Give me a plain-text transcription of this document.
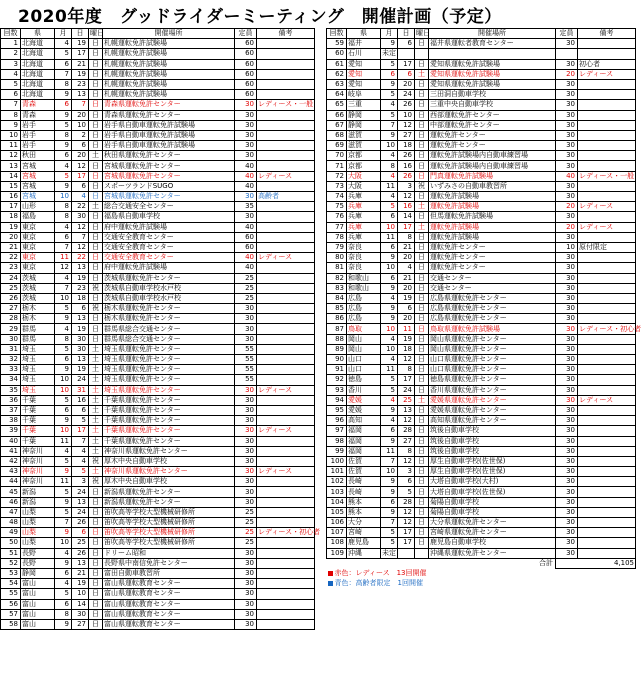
2020年度　グッドライダーミーティング　開催計画（予定）
回数	県	月	日	曜日	開催場所	定員	備考
1	北海道	4	19	日	札幌運転免許試験場	60	
2	北海道	5	17	日	札幌運転免許試験場	60	
3	北海道	6	21	日	札幌運転免許試験場	60	
4	北海道	7	19	日	札幌運転免許試験場	60	
5	北海道	8	23	日	札幌運転免許試験場	60	
6	北海道	9	13	日	札幌運転免許試験場	60	
7	青森	6	7	日	青森県運転免許センター	30	レディース・一般
8	青森	9	20	日	青森県運転免許センター	30	
9	岩手	5	10	日	岩手県自動車運転免許試験場	30	
10	岩手	8	2	日	岩手県自動車運転免許試験場	30	
11	岩手	9	6	日	岩手県自動車運転免許試験場	30	
12	秋田	6	20	土	秋田県運転免許センター	30	
13	宮城	4	12	日	宮城県運転免許センター	40	
14	宮城	5	17	日	宮城県運転免許センター	40	レディース
15	宮城	9	6	日	スポーツランドSUGO	40	
16	宮城	10	4	日	宮城県運転免許センター	30	高齢者
17	山形	8	22	土	総合交通安全センター	35	
18	福島	8	30	日	福島県自動車学校	30	
19	東京	4	12	日	府中運転免許試験場	40	
20	東京	6	7	日	交通安全教育センター	60	
21	東京	7	12	日	交通安全教育センター	60	
22	東京	11	22	日	交通安全教育センター	40	レディース
23	東京	12	13	日	府中運転免許試験場	40	
24	茨城	4	19	日	茨城県運転免許センター	25	
25	茨城	7	23	祝	茨城県自動車学校水戸校	25	
26	茨城	10	18	日	茨城県自動車学校水戸校	25	
27	栃木	5	6	祝	栃木県運転免許センター	30	
28	栃木	9	13	日	栃木県運転免許センター	30	
29	群馬	4	19	日	群馬県総合交通センター	30	
30	群馬	8	30	日	群馬県総合交通センター	30	
31	埼玉	5	30	土	埼玉県運転免許センター	55	
32	埼玉	6	13	土	埼玉県運転免許センター	55	
33	埼玉	9	19	土	埼玉県運転免許センター	55	
34	埼玉	10	24	土	埼玉県運転免許センター	55	
35	埼玉	10	31	土	埼玉県運転免許センター	30	レディース
36	千葉	5	16	土	千葉県運転免許センター	30	
37	千葉	6	6	土	千葉県運転免許センター	30	
38	千葉	9	5	土	千葉県運転免許センター	30	
39	千葉	10	17	土	千葉県運転免許センター	30	レディース
40	千葉	11	7	土	千葉県運転免許センター	30	
41	神奈川	4	4	土	神奈川県運転免許センター	30	
42	神奈川	5	4	祝	厚木中央自動車学校	30	
43	神奈川	9	5	土	神奈川県運転免許センター	30	レディース
44	神奈川	11	3	祝	厚木中央自動車学校	30	
45	新潟	5	24	日	新潟県運転免許センター	30	
46	新潟	9	13	日	新潟県運転免許センター	30	
47	山梨	5	24	日	笛吹高等学校大型機械研修所	25	
48	山梨	7	26	日	笛吹高等学校大型機械研修所	25	
49	山梨	9	6	日	笛吹高等学校大型機械研修所	25	レディース・初心者
50	山梨	10	25	日	笛吹高等学校大型機械研修所	25	
51	長野	4	26	日	ドリーム昭和	30	
52	長野	9	13	日	長野県中南信免許センター	30	
53	静岡	6	21	日	富田自動車教習所	30	
54	富山	4	19	日	富山県運転教育センター	30	
55	富山	5	10	日	富山県運転教育センター	30	
56	富山	6	14	日	富山県運転教育センター	30	
57	富山	8	30	日	富山県運転教育センター	30	
58	富山	9	27	日	富山県運転教育センター	30	
回数	県	月	日	曜日	開催場所	定員	備考
59	福井	9	6	日	福井県運転者教育センター	30	
60	石川	未定					
61	愛知	5	17	日	愛知県運転免許試験場	30	初心者
62	愛知	6	6	土	愛知県運転免許試験場	20	レディース
63	愛知	9	20	日	愛知県運転免許試験場	30	
64	岐阜	5	24	日	三田洞自動車学校	30	
65	三重	4	26	日	三重中央自動車学校	30	
66	静岡	5	10	日	西部運転免許センター	30	
67	静岡	7	12	日	中部運転免許センター	30	
68	滋賀	9	27	日	運転免許センター	30	
69	滋賀	10	18	日	運転免許センター	30	
70	京都	4	26	日	運転免許試験場内自動車練習場	30	
71	京都	8	16	日	運転免許試験場内自動車練習場	30	
72	大阪	4	26	日	門真運転免許試験場	40	レディース・一般
73	大阪	11	3	祝	いずみさの自動車教習所	30	
74	兵庫	4	12	日	運転免許試験場	30	
75	兵庫	5	16	土	運転免許試験場	20	レディース
76	兵庫	6	14	日	但馬運転免許試験場	30	
77	兵庫	10	17	土	運転免許試験場	20	レディース
78	兵庫	11	8	日	運転免許試験場	30	
79	奈良	6	21	日	運転免許センター	10	原付限定
80	奈良	9	20	日	運転免許センター	30	
81	奈良	10	4	日	運転免許センター	30	
82	和歌山	6	21	日	交通センター	30	
83	和歌山	9	20	日	交通センター	30	
84	広島	4	19	日	広島県運転免許センター	30	
85	広島	9	6	日	広島県運転免許センター	30	
86	広島	9	20	日	広島県運転免許センター	30	
87	鳥取	10	11	日	鳥取県運転免許試験場	30	レディース・初心者
88	岡山	4	19	日	岡山県運転免許センター	30	
89	岡山	10	18	日	岡山県運転免許センター	30	
90	山口	4	12	日	山口県運転免許センター	30	
91	山口	11	8	日	山口県運転免許センター	30	
92	徳島	5	17	日	徳島県運転免許センター	30	
93	香川	5	24	日	香川県運転免許センター	30	
94	愛媛	4	25	土	愛媛県運転免許センター	30	レディース
95	愛媛	9	13	日	愛媛県運転免許センター	30	
96	高知	4	12	日	高知県運転免許センター	30	
97	福岡	6	28	日	筑後自動車学校	30	
98	福岡	9	27	日	筑後自動車学校	30	
99	福岡	11	8	日	筑後自動車学校	30	
100	佐賀	7	12	日	厚生自動車学校(佐世保)	30	
101	佐賀	10	3	日	厚生自動車学校(佐世保)	30	
102	長崎	9	6	日	大塔自動車学校(大村)	30	
103	長崎	9	5	日	大塔自動車学校(佐世保)	30	
104	熊本	6	28	日	菊陽自動車学校	30	
105	熊本	9	12	日	菊陽自動車学校	30	
106	大分	7	12	日	大分県運転免許センター	30	
107	宮崎	5	17	日	宮崎県運転免許センター	30	
108	鹿児島	5	17	日	鹿児島自動車学校	30	
109	沖縄	未定			沖縄県運転免許センター	30	
合計						4,105	
赤色：レディース　13回開催							
青色：高齢者限定　1回開催							
